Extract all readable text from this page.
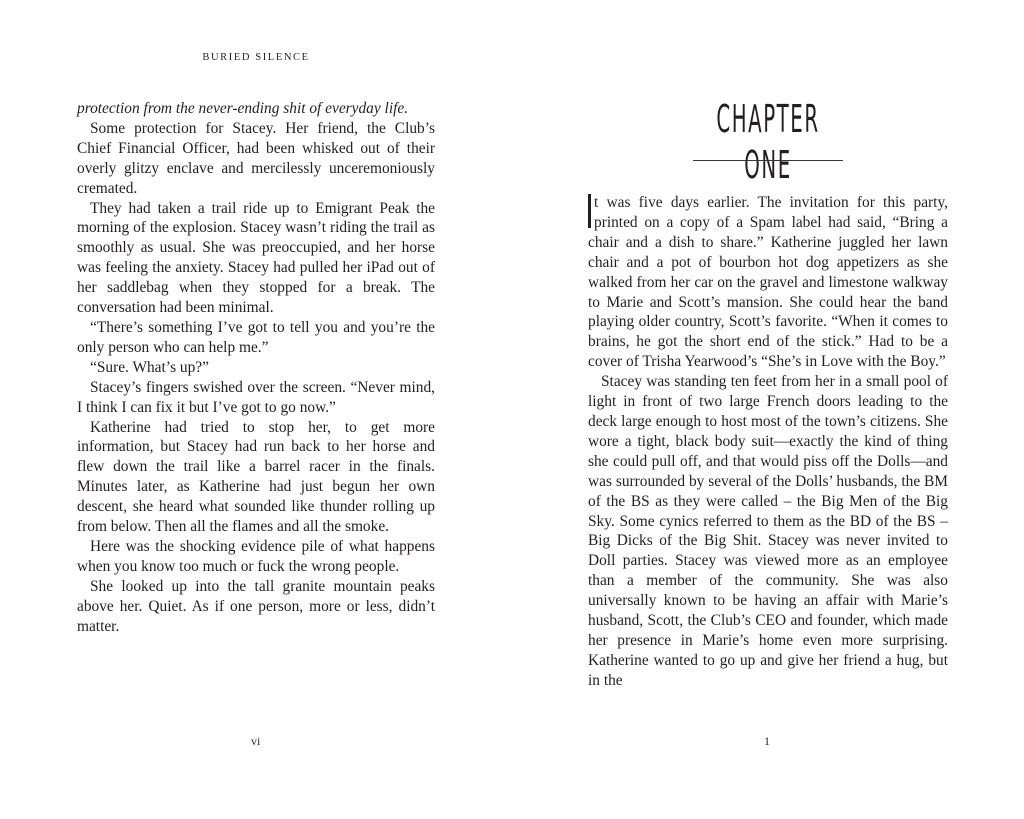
BURIED SILENCE

protection from the never-ending shit of everyday life.

Some protection for Stacey. Her friend, the Club’s Chief Financial Officer, had been whisked out of their overly glitzy enclave and mercilessly unceremoniously cremated.

They had taken a trail ride up to Emigrant Peak the morning of the explosion. Stacey wasn’t riding the trail as smoothly as usual. She was preoccupied, and her horse was feeling the anxiety. Stacey had pulled her iPad out of her saddlebag when they stopped for a break. The conversation had been minimal.

“There’s something I’ve got to tell you and you’re the only person who can help me.”

“Sure. What’s up?”

Stacey’s fingers swished over the screen. “Never mind, I think I can fix it but I’ve got to go now.”

Katherine had tried to stop her, to get more information, but Stacey had run back to her horse and flew down the trail like a barrel racer in the finals. Minutes later, as Katherine had just begun her own descent, she heard what sounded like thunder rolling up from below. Then all the flames and all the smoke.

Here was the shocking evidence pile of what happens when you know too much or fuck the wrong people.

She looked up into the tall granite mountain peaks above her. Quiet. As if one person, more or less, didn’t matter.

vi
CHAPTER ONE

t was five days earlier. The invitation for this party, printed on a copy of a Spam label had said, “Bring a chair and a dish to share.” Katherine juggled her lawn chair and a pot of bourbon hot dog appetizers as she walked from her car on the gravel and limestone walkway to Marie and Scott’s mansion. She could hear the band playing older country, Scott’s favorite. “When it comes to brains, he got the short end of the stick.” Had to be a cover of Trisha Yearwood’s “She’s in Love with the Boy.”

Stacey was standing ten feet from her in a small pool of light in front of two large French doors leading to the deck large enough to host most of the town’s citizens. She wore a tight, black body suit—exactly the kind of thing she could pull off, and that would piss off the Dolls—and was surrounded by several of the Dolls’ husbands, the BM of the BS as they were called – the Big Men of the Big Sky. Some cynics referred to them as the BD of the BS – Big Dicks of the Big Shit. Stacey was never invited to Doll parties. Stacey was viewed more as an employee than a member of the community. She was also universally known to be having an affair with Marie’s husband, Scott, the Club’s CEO and founder, which made her presence in Marie’s home even more surprising. Katherine wanted to go up and give her friend a hug, but in the

1
